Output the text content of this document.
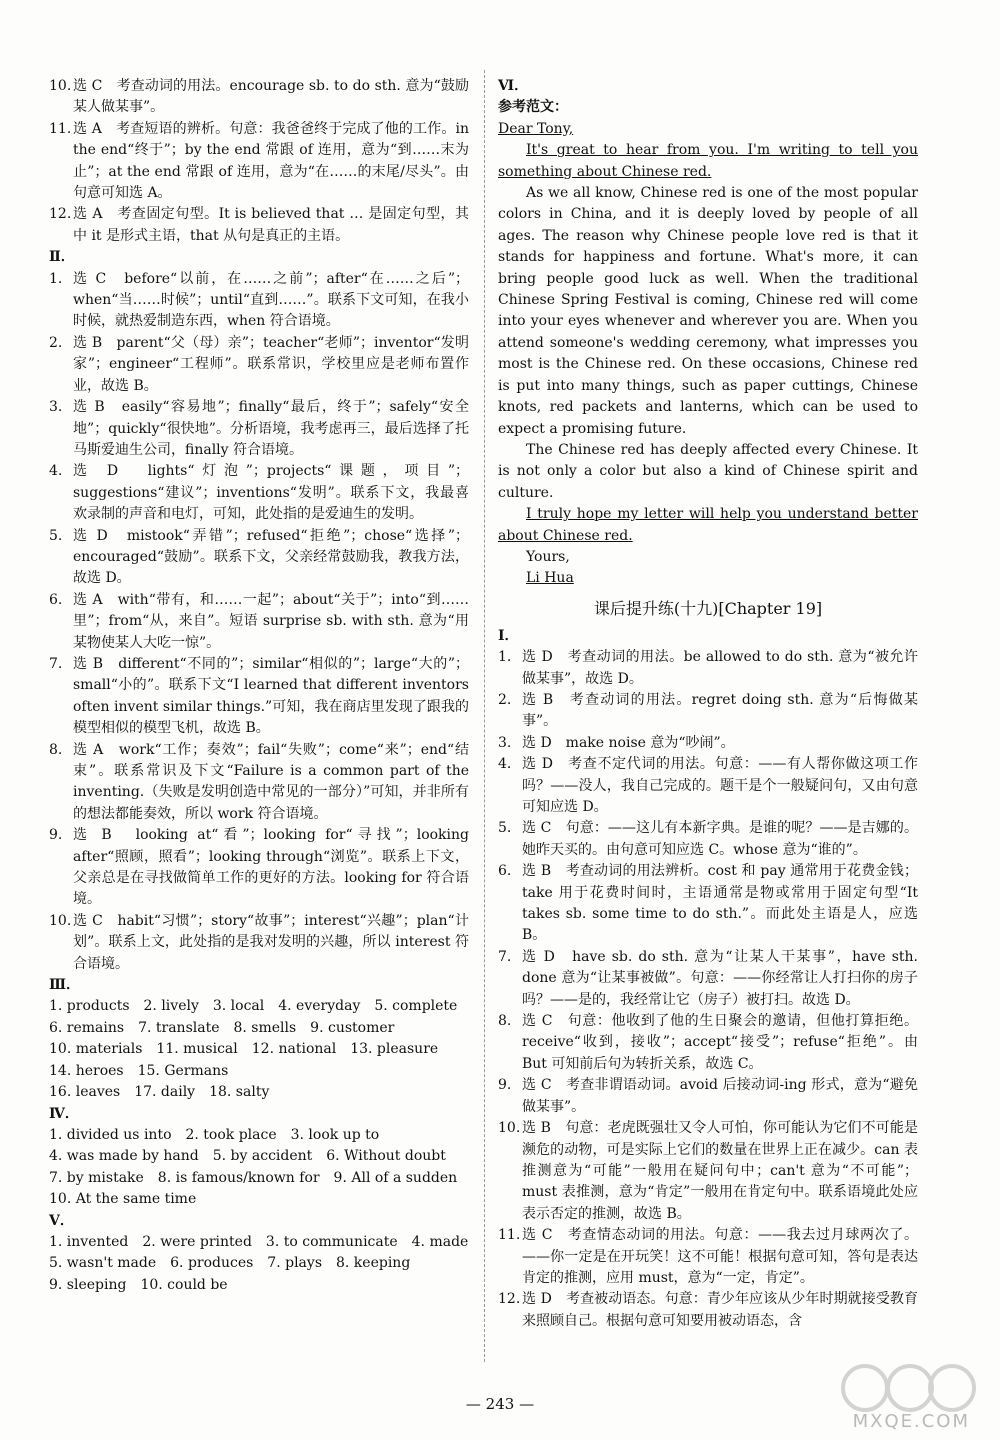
10. 选 C　考查动词的用法。encourage sb. to do sth. 意为“鼓励某人做某事”。

11. 选 A　考查短语的辨析。句意：我爸爸终于完成了他的工作。in the end“终于”；by the end 常跟 of 连用，意为“到……末为止”；at the end 常跟 of 连用，意为“在……的末尾/尽头”。由句意可知选 A。

12. 选 A　考查固定句型。It is believed that … 是固定句型，其中 it 是形式主语，that 从句是真正的主语。

Ⅱ．

1. 选 C　before“以前，在……之前”；after“在……之后”；when“当……时候”；until“直到……”。联系下文可知，在我小时候，就热爱制造东西，when 符合语境。

2. 选 B　parent“父（母）亲”；teacher“老师”；inventor“发明家”；engineer“工程师”。联系常识，学校里应是老师布置作业，故选 B。

3. 选 B　easily“容易地”；finally“最后，终于”；safely“安全地”；quickly“很快地”。分析语境，我考虑再三，最后选择了托马斯爱迪生公司，finally 符合语境。

4. 选 D　lights“灯泡”；projects“课题，项目”；suggestions“建议”；inventions“发明”。联系下文，我最喜欢录制的声音和电灯，可知，此处指的是爱迪生的发明。

5. 选 D　mistook“弄错”；refused“拒绝”；chose“选择”；encouraged“鼓励”。联系下文，父亲经常鼓励我，教我方法，故选 D。

6. 选 A　with“带有，和……一起”；about“关于”；into“到……里”；from“从，来自”。短语 surprise sb. with sth. 意为“用某物使某人大吃一惊”。

7. 选 B　different“不同的”；similar“相似的”；large“大的”；small“小的”。联系下文“I learned that different inventors often invent similar things.”可知，我在商店里发现了跟我的模型相似的模型飞机，故选 B。

8. 选 A　work“工作；奏效”；fail“失败”；come“来”；end“结束”。联系常识及下文“Failure is a common part of the inventing.（失败是发明创造中常见的一部分）”可知，并非所有的想法都能奏效，所以 work 符合语境。

9. 选 B　looking at“看”；looking for“寻找”；looking after“照顾，照看”；looking through“浏览”。联系上下文，父亲总是在寻找做简单工作的更好的方法。looking for 符合语境。

10. 选 C　habit“习惯”；story“故事”；interest“兴趣”；plan“计划”。联系上文，此处指的是我对发明的兴趣，所以 interest 符合语境。

Ⅲ．

1. products　2. lively　3. local　4. everyday　5. complete

6. remains　7. translate　8. smells　9. customer

10. materials　11. musical　12. national　13. pleasure

14. heroes　15. Germans

16. leaves　17. daily　18. salty

Ⅳ．

1. divided us into　2. took place　3. look up to

4. was made by hand　5. by accident　6. Without doubt

7. by mistake　8. is famous/known for　9. All of a sudden

10. At the same time

Ⅴ．

1. invented　2. were printed　3. to communicate　4. made

5. wasn't made　6. produces　7. plays　8. keeping

9. sleeping　10. could be

Ⅵ．

参考范文：

Dear Tony,

It's great to hear from you. I'm writing to tell you something about Chinese red.

As we all know, Chinese red is one of the most popular colors in China, and it is deeply loved by people of all ages. The reason why Chinese people love red is that it stands for happiness and fortune. What's more, it can bring people good luck as well. When the traditional Chinese Spring Festival is coming, Chinese red will come into your eyes whenever and wherever you are. When you attend someone's wedding ceremony, what impresses you most is the Chinese red. On these occasions, Chinese red is put into many things, such as paper cuttings, Chinese knots, red packets and lanterns, which can be used to expect a promising future.

The Chinese red has deeply affected every Chinese. It is not only a color but also a kind of Chinese spirit and culture.

I truly hope my letter will help you understand better about Chinese red.

Yours,

Li Hua

课后提升练(十九)[Chapter 19]

Ⅰ．

1. 选 D　考查动词的用法。be allowed to do sth. 意为“被允许做某事”，故选 D。

2. 选 B　考查动词的用法。regret doing sth. 意为“后悔做某事”。

3. 选 D　make noise 意为“吵闹”。

4. 选 D　考查不定代词的用法。句意：——有人帮你做这项工作吗？——没人，我自己完成的。题干是个一般疑问句，又由句意可知应选 D。

5. 选 C　句意：——这儿有本新字典。是谁的呢？——是吉娜的。她昨天买的。由句意可知应选 C。whose 意为“谁的”。

6. 选 B　考查动词的用法辨析。cost 和 pay 通常用于花费金钱；take 用于花费时间时，主语通常是物或常用于固定句型“It takes sb. some time to do sth.”。而此处主语是人，应选 B。

7. 选 D　have sb. do sth. 意为“让某人干某事”，have sth. done 意为“让某事被做”。句意：——你经常让人打扫你的房子吗？——是的，我经常让它（房子）被打扫。故选 D。

8. 选 C　句意：他收到了他的生日聚会的邀请，但他打算拒绝。receive“收到，接收”；accept“接受”；refuse“拒绝”。由 But 可知前后句为转折关系，故选 C。

9. 选 C　考查非谓语动词。avoid 后接动词-ing 形式，意为“避免做某事”。

10. 选 B　句意：老虎既强壮又令人可怕，你可能认为它们不可能是濒危的动物，可是实际上它们的数量在世界上正在减少。can 表推测意为“可能”一般用在疑问句中；can't 意为“不可能”；must 表推测，意为“肯定”一般用在肯定句中。联系语境此处应表示否定的推测，故选 B。

11. 选 C　考查情态动词的用法。句意：——我去过月球两次了。——你一定是在开玩笑！这不可能！根据句意可知，答句是表达肯定的推测，应用 must，意为“一定，肯定”。

12. 选 D　考查被动语态。句意：青少年应该从少年时期就接受教育来照顾自己。根据句意可知要用被动语态，含

— 243 —
MXQE.COM
